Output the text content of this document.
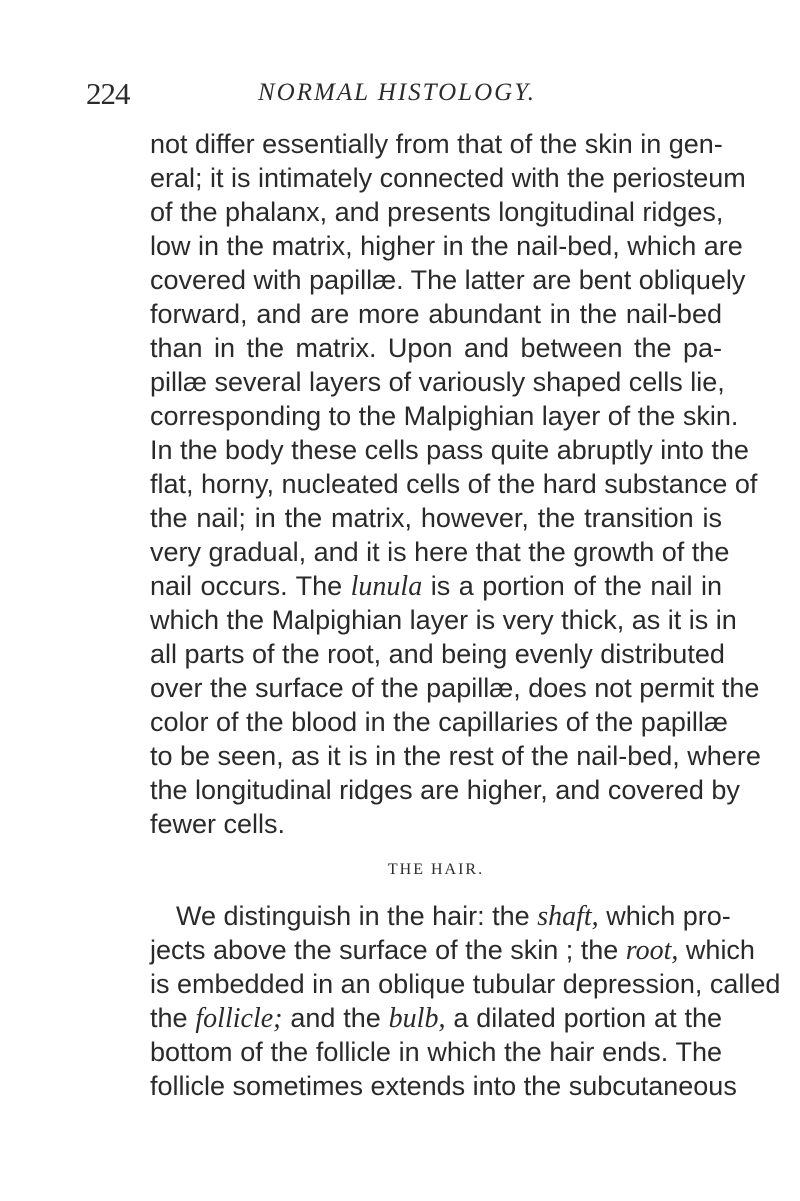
224	NORMAL HISTOLOGY.
not differ essentially from that of the skin in gen-
eral; it is intimately connected with the periosteum
of the phalanx, and presents longitudinal ridges,
low in the matrix, higher in the nail-bed, which are
covered with papillæ. The latter are bent obliquely
forward, and are more abundant in the nail-bed
than in the matrix. Upon and between the pa-
pillæ several layers of variously shaped cells lie,
corresponding to the Malpighian layer of the skin.
In the body these cells pass quite abruptly into the
flat, horny, nucleated cells of the hard substance of
the nail; in the matrix, however, the transition is
very gradual, and it is here that the growth of the
nail occurs. The lunula is a portion of the nail in
which the Malpighian layer is very thick, as it is in
all parts of the root, and being evenly distributed
over the surface of the papillæ, does not permit the
color of the blood in the capillaries of the papillæ
to be seen, as it is in the rest of the nail-bed, where
the longitudinal ridges are higher, and covered by
fewer cells.
THE HAIR.
We distinguish in the hair: the shaft, which pro-
jects above the surface of the skin ; the root, which
is embedded in an oblique tubular depression, called
the follicle; and the bulb, a dilated portion at the
bottom of the follicle in which the hair ends. The
follicle sometimes extends into the subcutaneous
